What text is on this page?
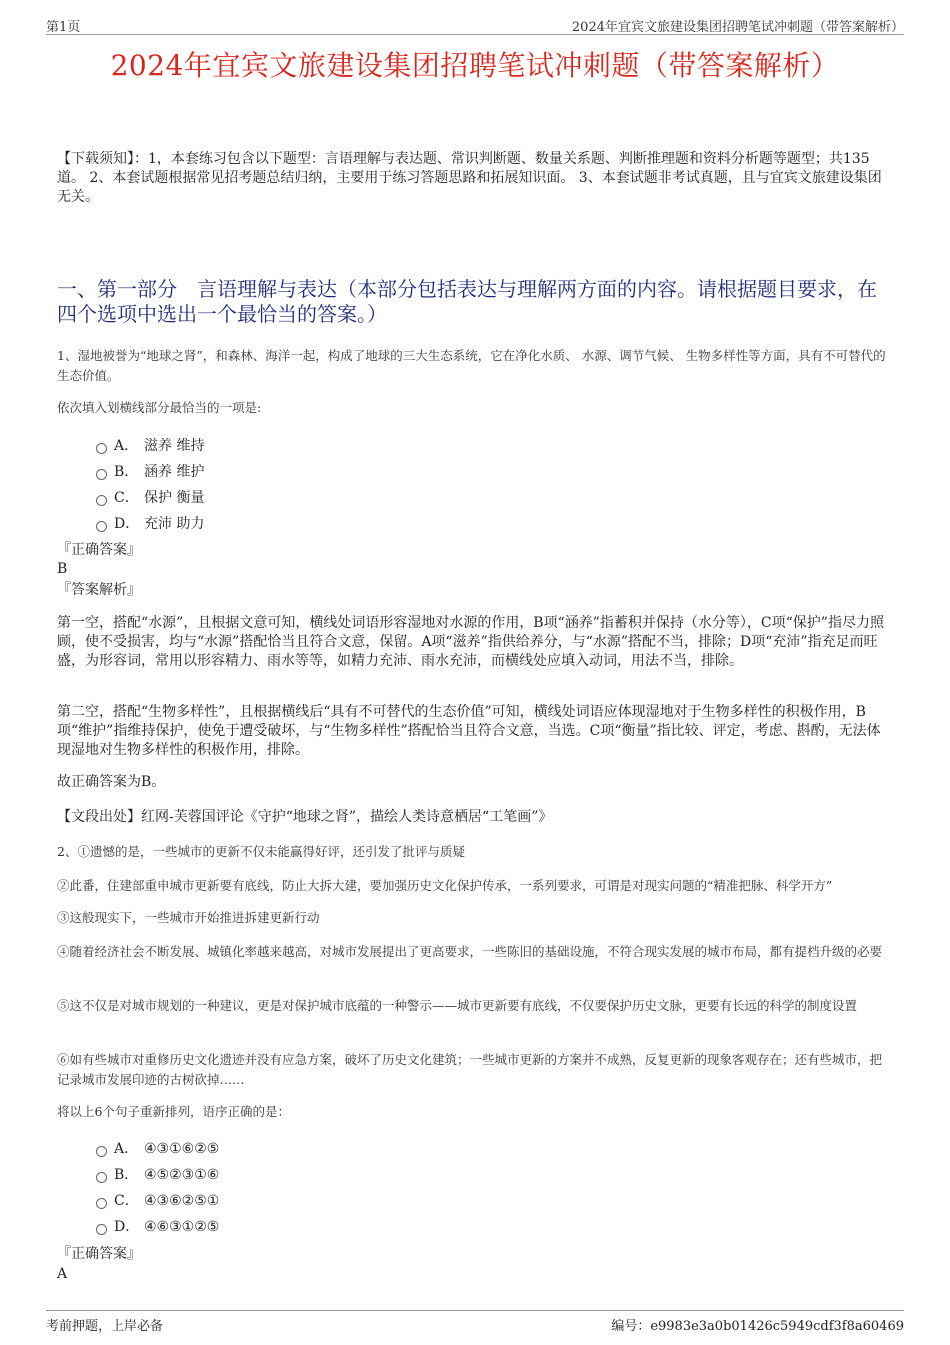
第1页	2024年宜宾文旅建设集团招聘笔试冲刺题（带答案解析）
2024年宜宾文旅建设集团招聘笔试冲刺题（带答案解析）
【下载须知】：1，本套练习包含以下题型：言语理解与表达题、常识判断题、数量关系题、判断推理题和资料分析题等题型；共135道。 2、本套试题根据常见招考题总结归纳，主要用于练习答题思路和拓展知识面。 3、本套试题非考试真题，且与宜宾文旅建设集团无关。
一、第一部分　言语理解与表达（本部分包括表达与理解两方面的内容。请根据题目要求，在四个选项中选出一个最恰当的答案。）
1、湿地被誉为“地球之肾”，和森林、海洋一起，构成了地球的三大生态系统，它在净化水质、 水源、调节气候、 生物多样性等方面，具有不可替代的生态价值。
依次填入划横线部分最恰当的一项是:
A． 滋养 维持
B． 涵养 维护
C． 保护 衡量
D． 充沛 助力
『正确答案』
B
『答案解析』
第一空，搭配“水源”，且根据文意可知，横线处词语形容湿地对水源的作用，B项“涵养”指蓄积并保持（水分等），C项“保护”指尽力照顾，使不受损害，均与“水源”搭配恰当且符合文意，保留。A项“滋养”指供给养分，与“水源”搭配不当，排除；D项“充沛”指充足而旺盛，为形容词，常用以形容精力、雨水等等，如精力充沛、雨水充沛，而横线处应填入动词，用法不当，排除。
第二空，搭配“生物多样性”，且根据横线后“具有不可替代的生态价值”可知，横线处词语应体现湿地对于生物多样性的积极作用，B项“维护”指维持保护，使免于遭受破坏，与“生物多样性”搭配恰当且符合文意，当选。C项“衡量”指比较、评定，考虑、斟酌，无法体现湿地对生物多样性的积极作用，排除。
故正确答案为B。
【文段出处】红网-芙蓉国评论《守护“地球之肾”，描绘人类诗意栖居“工笔画”》
2、①遗憾的是，一些城市的更新不仅未能赢得好评，还引发了批评与质疑
②此番，住建部重申城市更新要有底线，防止大拆大建，要加强历史文化保护传承，一系列要求，可谓是对现实问题的“精准把脉、科学开方”
③这般现实下，一些城市开始推进拆建更新行动
④随着经济社会不断发展、城镇化率越来越高，对城市发展提出了更高要求，一些陈旧的基础设施，不符合现实发展的城市布局，都有提档升级的必要
⑤这不仅是对城市规划的一种建议，更是对保护城市底蕴的一种警示——城市更新要有底线，不仅要保护历史文脉，更要有长远的科学的制度设置
⑥如有些城市对重修历史文化遗迹并没有应急方案，破坏了历史文化建筑；一些城市更新的方案并不成熟，反复更新的现象客观存在；还有些城市，把记录城市发展印迹的古树砍掉……
将以上6个句子重新排列，语序正确的是：
A． ④③①⑥②⑤
B． ④⑤②③①⑥
C． ④③⑥②⑤①
D． ④⑥③①②⑤
『正确答案』
A
考前押题，上岸必备	编号：e9983e3a0b01426c5949cdf3f8a60469
